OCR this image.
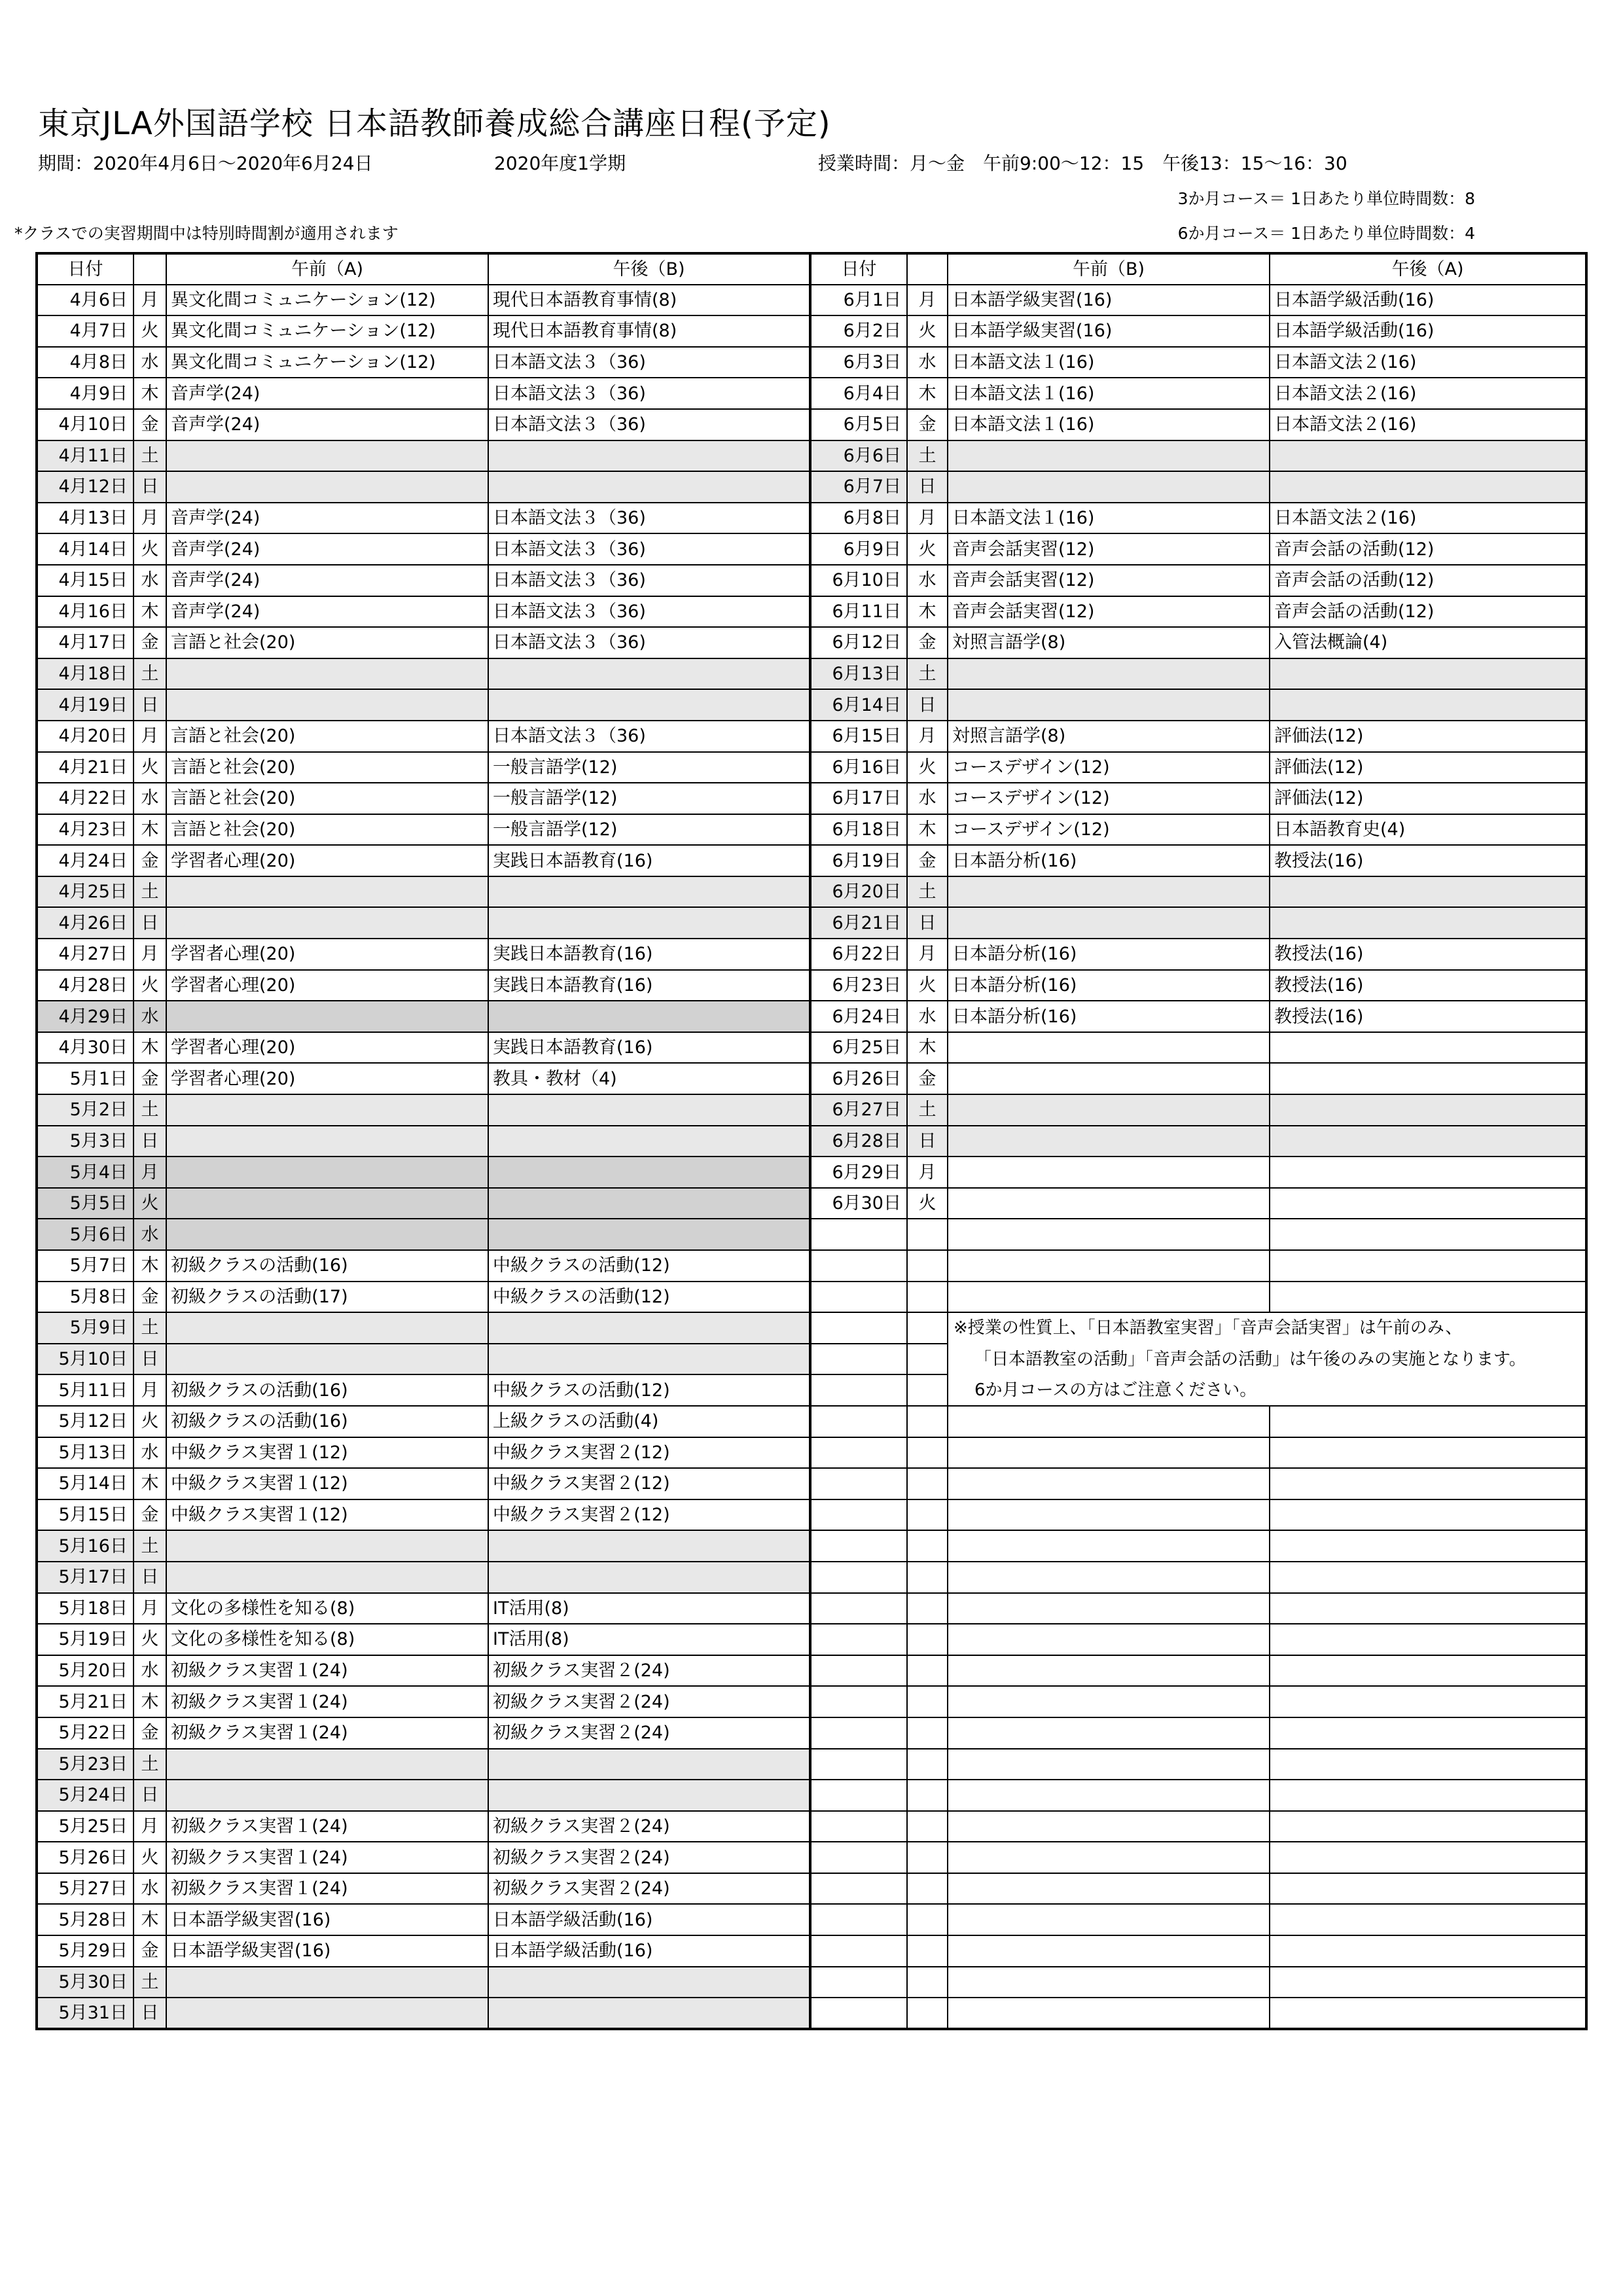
東京JLA外国語学校 日本語教師養成総合講座日程(予定)
期間：2020年4月6日～2020年6月24日	2020年度1学期	授業時間：月～金　午前9:00～12：15　午後13：15～16：30
3か月コース＝ 1日あたり単位時間数：8
*クラスでの実習期間中は特別時間割が適用されます	6か月コース＝ 1日あたり単位時間数：4
日付		午前（A)	午後（B)	日付		午前（B)	午後（A)
4月6日	月	異文化間コミュニケーション(12)	現代日本語教育事情(8)	6月1日	月	日本語学級実習(16)	日本語学級活動(16)
4月7日	火	異文化間コミュニケーション(12)	現代日本語教育事情(8)	6月2日	火	日本語学級実習(16)	日本語学級活動(16)
4月8日	水	異文化間コミュニケーション(12)	日本語文法３（36)	6月3日	水	日本語文法１(16)	日本語文法２(16)
4月9日	木	音声学(24)	日本語文法３（36)	6月4日	木	日本語文法１(16)	日本語文法２(16)
4月10日	金	音声学(24)	日本語文法３（36)	6月5日	金	日本語文法１(16)	日本語文法２(16)
4月11日	土			6月6日	土		
4月12日	日			6月7日	日		
4月13日	月	音声学(24)	日本語文法３（36)	6月8日	月	日本語文法１(16)	日本語文法２(16)
4月14日	火	音声学(24)	日本語文法３（36)	6月9日	火	音声会話実習(12)	音声会話の活動(12)
4月15日	水	音声学(24)	日本語文法３（36)	6月10日	水	音声会話実習(12)	音声会話の活動(12)
4月16日	木	音声学(24)	日本語文法３（36)	6月11日	木	音声会話実習(12)	音声会話の活動(12)
4月17日	金	言語と社会(20)	日本語文法３（36)	6月12日	金	対照言語学(8)	入管法概論(4)
4月18日	土			6月13日	土		
4月19日	日			6月14日	日		
4月20日	月	言語と社会(20)	日本語文法３（36)	6月15日	月	対照言語学(8)	評価法(12)
4月21日	火	言語と社会(20)	一般言語学(12)	6月16日	火	コースデザイン(12)	評価法(12)
4月22日	水	言語と社会(20)	一般言語学(12)	6月17日	水	コースデザイン(12)	評価法(12)
4月23日	木	言語と社会(20)	一般言語学(12)	6月18日	木	コースデザイン(12)	日本語教育史(4)
4月24日	金	学習者心理(20)	実践日本語教育(16)	6月19日	金	日本語分析(16)	教授法(16)
4月25日	土			6月20日	土		
4月26日	日			6月21日	日		
4月27日	月	学習者心理(20)	実践日本語教育(16)	6月22日	月	日本語分析(16)	教授法(16)
4月28日	火	学習者心理(20)	実践日本語教育(16)	6月23日	火	日本語分析(16)	教授法(16)
4月29日	水			6月24日	水	日本語分析(16)	教授法(16)
4月30日	木	学習者心理(20)	実践日本語教育(16)	6月25日	木		
5月1日	金	学習者心理(20)	教具・教材（4)	6月26日	金		
5月2日	土			6月27日	土		
5月3日	日			6月28日	日		
5月4日	月			6月29日	月		
5月5日	火			6月30日	火		
5月6日	水						
5月7日	木	初級クラスの活動(16)	中級クラスの活動(12)				
5月8日	金	初級クラスの活動(17)	中級クラスの活動(12)				
5月9日	土					※授業の性質上、「日本語教室実習」「音声会話実習」は午前のみ、	
5月10日	日					「日本語教室の活動」「音声会話の活動」は午後のみの実施となります。	
5月11日	月	初級クラスの活動(16)	中級クラスの活動(12)			6か月コースの方はご注意ください。	
5月12日	火	初級クラスの活動(16)	上級クラスの活動(4)				
5月13日	水	中級クラス実習１(12)	中級クラス実習２(12)				
5月14日	木	中級クラス実習１(12)	中級クラス実習２(12)				
5月15日	金	中級クラス実習１(12)	中級クラス実習２(12)				
5月16日	土						
5月17日	日						
5月18日	月	文化の多様性を知る(8)	IT活用(8)				
5月19日	火	文化の多様性を知る(8)	IT活用(8)				
5月20日	水	初級クラス実習１(24)	初級クラス実習２(24)				
5月21日	木	初級クラス実習１(24)	初級クラス実習２(24)				
5月22日	金	初級クラス実習１(24)	初級クラス実習２(24)				
5月23日	土						
5月24日	日						
5月25日	月	初級クラス実習１(24)	初級クラス実習２(24)				
5月26日	火	初級クラス実習１(24)	初級クラス実習２(24)				
5月27日	水	初級クラス実習１(24)	初級クラス実習２(24)				
5月28日	木	日本語学級実習(16)	日本語学級活動(16)				
5月29日	金	日本語学級実習(16)	日本語学級活動(16)				
5月30日	土						
5月31日	日						
